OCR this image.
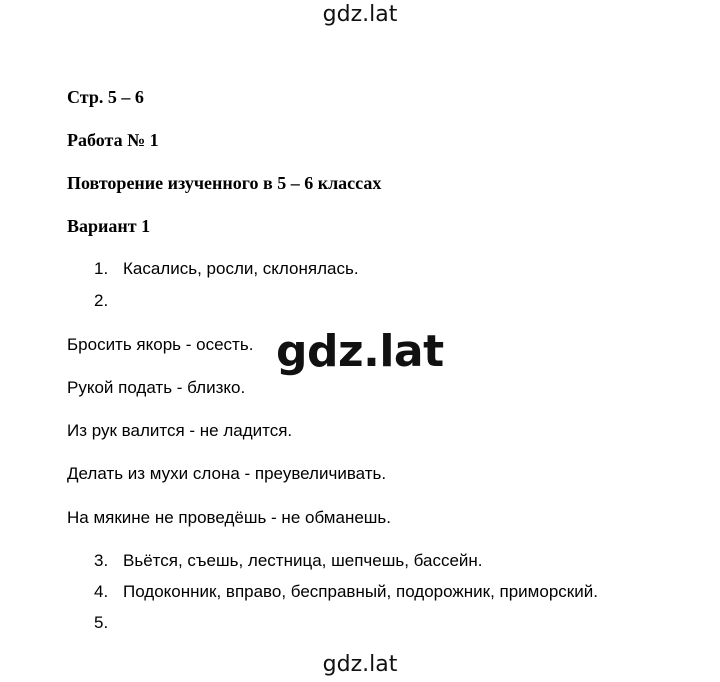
gdz.lat
Стр. 5 – 6
Работа № 1
Повторение изученного в 5 – 6 классах
Вариант 1
1. Касались, росли, склонялась.
2.
Бросить якорь - осесть.
Рукой подать - близко.
Из рук валится - не ладится.
Делать из мухи слона - преувеличивать.
На мякине не проведёшь - не обманешь.
3. Вьётся, съешь, лестница, шепчешь, бассейн.
4. Подоконник, вправо, бесправный, подорожник, приморский.
5.
gdz.lat
gdz.lat
